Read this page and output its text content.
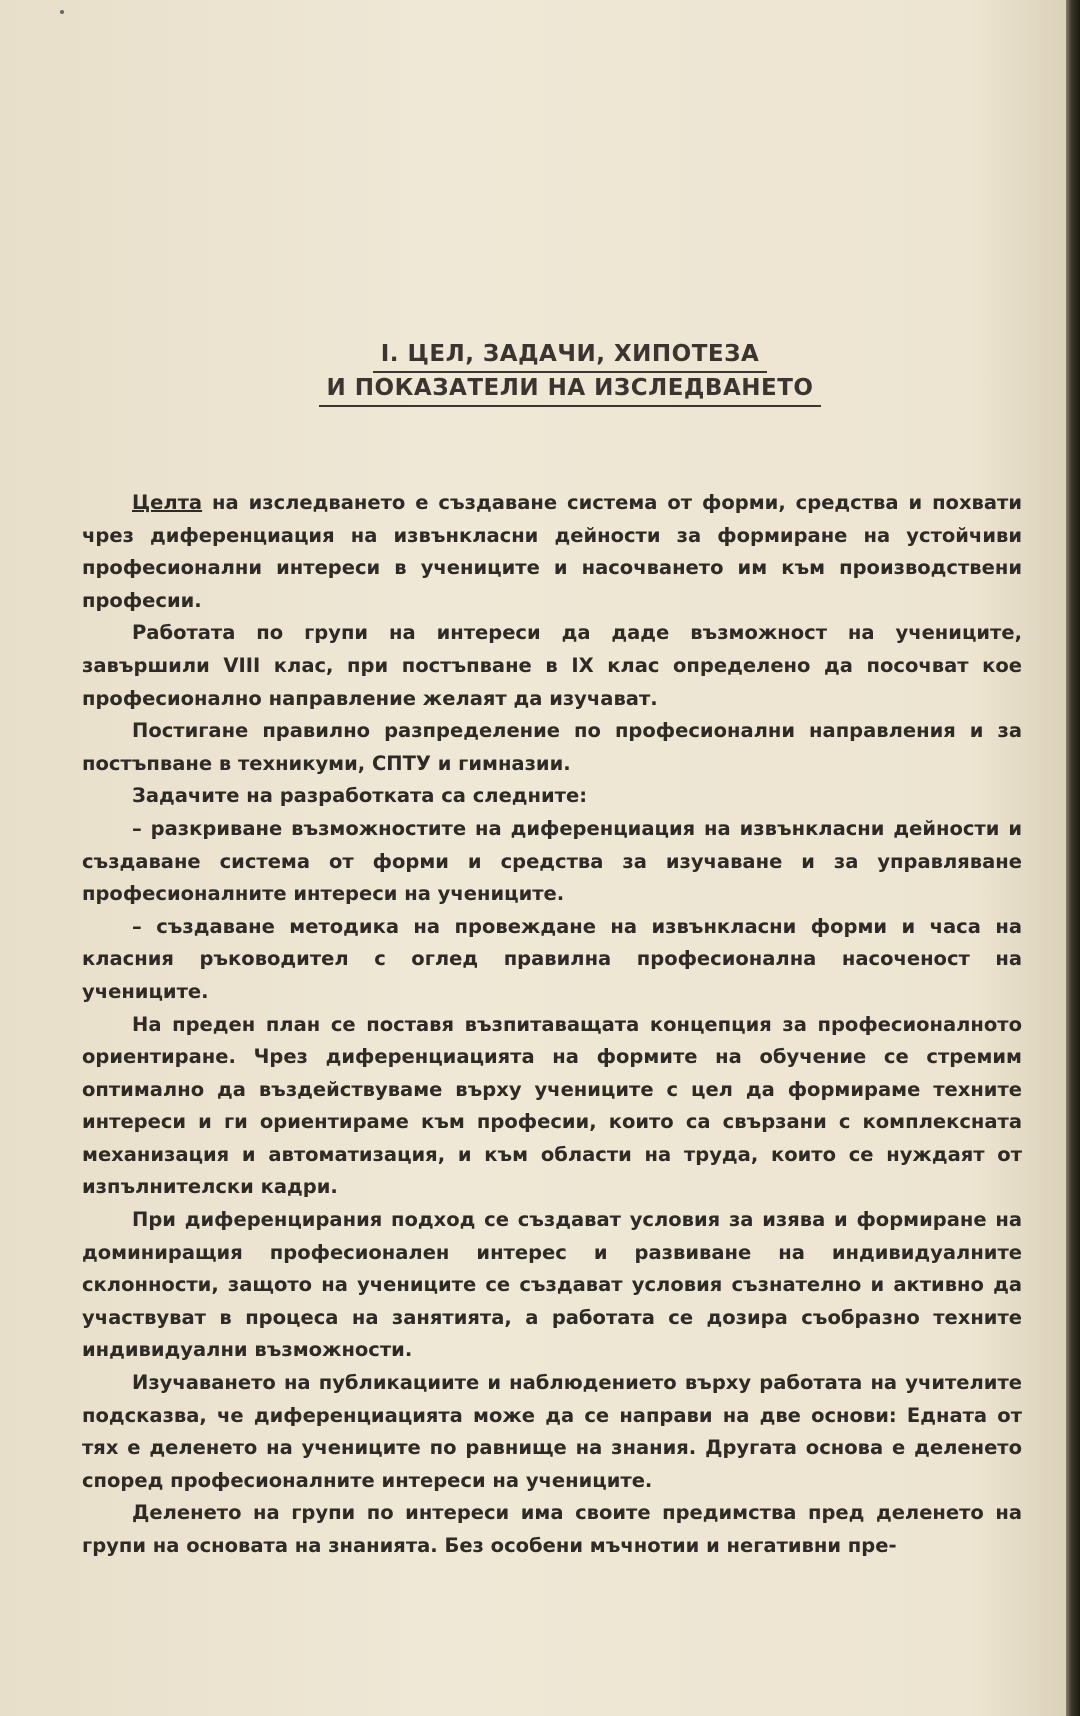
I. ЦЕЛ, ЗАДАЧИ, ХИПОТЕЗА
И ПОКАЗАТЕЛИ НА ИЗСЛЕДВАНЕТО

Целта на изследването е създаване система от форми, средства и похвати чрез диференциация на извънкласни дейности за формиране на устойчиви професионални интереси в учениците и насочването им към производствени професии.

Работата по групи на интереси да даде възможност на учениците, завършили VIII клас, при постъпване в IX клас определено да посочват кое професионално направление желаят да изучават.

Постигане правилно разпределение по професионални направления и за постъпване в техникуми, СПТУ и гимназии.

Задачите на разработката са следните:

– разкриване възможностите на диференциация на извънкласни дейности и създаване система от форми и средства за изучаване и за управляване професионалните интереси на учениците.

– създаване методика на провеждане на извънкласни форми и часа на класния ръководител с оглед правилна професионална насоченост на учениците.

На преден план се поставя възпитаващата концепция за професионалното ориентиране. Чрез диференциацията на формите на обучение се стремим оптимално да въздействуваме върху учениците с цел да формираме техните интереси и ги ориентираме към професии, които са свързани с комплексната механизация и автоматизация, и към области на труда, които се нуждаят от изпълнителски кадри.

При диференцирания подход се създават условия за изява и формиране на доминиращия професионален интерес и развиване на индивидуалните склонности, защото на учениците се създават условия съзнателно и активно да участвуват в процеса на занятията, а работата се дозира съобразно техните индивидуални възможности.

Изучаването на публикациите и наблюдението върху работата на учителите подсказва, че диференциацията може да се направи на две основи: Едната от тях е деленето на учениците по равнище на знания. Другата основа е деленето според професионалните интереси на учениците.

Деленето на групи по интереси има своите предимства пред деленето на групи на основата на знанията. Без особени мъчнотии и негативни пре-
